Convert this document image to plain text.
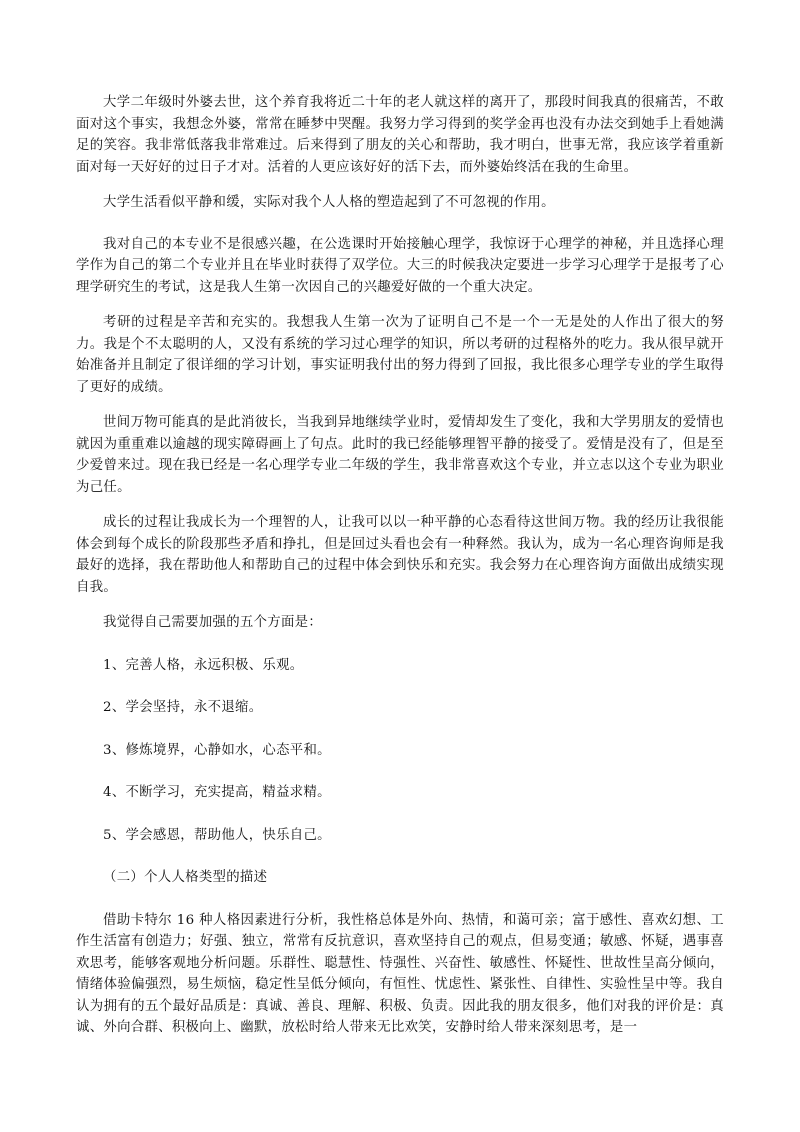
大学二年级时外婆去世，这个养育我将近二十年的老人就这样的离开了，那段时间我真的很痛苦，不敢面对这个事实，我想念外婆，常常在睡梦中哭醒。我努力学习得到的奖学金再也没有办法交到她手上看她满足的笑容。我非常低落我非常难过。后来得到了朋友的关心和帮助，我才明白，世事无常，我应该学着重新面对每一天好好的过日子才对。活着的人更应该好好的活下去，而外婆始终活在我的生命里。

大学生活看似平静和缓，实际对我个人人格的塑造起到了不可忽视的作用。

我对自己的本专业不是很感兴趣，在公选课时开始接触心理学，我惊讶于心理学的神秘，并且选择心理学作为自己的第二个专业并且在毕业时获得了双学位。大三的时候我决定要进一步学习心理学于是报考了心理学研究生的考试，这是我人生第一次因自己的兴趣爱好做的一个重大决定。

考研的过程是辛苦和充实的。我想我人生第一次为了证明自己不是一个一无是处的人作出了很大的努力。我是个不太聪明的人，又没有系统的学习过心理学的知识，所以考研的过程格外的吃力。我从很早就开始准备并且制定了很详细的学习计划，事实证明我付出的努力得到了回报，我比很多心理学专业的学生取得了更好的成绩。

世间万物可能真的是此消彼长，当我到异地继续学业时，爱情却发生了变化，我和大学男朋友的爱情也就因为重重难以逾越的现实障碍画上了句点。此时的我已经能够理智平静的接受了。爱情是没有了，但是至少爱曾来过。现在我已经是一名心理学专业二年级的学生，我非常喜欢这个专业，并立志以这个专业为职业为己任。

成长的过程让我成长为一个理智的人，让我可以以一种平静的心态看待这世间万物。我的经历让我很能体会到每个成长的阶段那些矛盾和挣扎，但是回过头看也会有一种释然。我认为，成为一名心理咨询师是我最好的选择，我在帮助他人和帮助自己的过程中体会到快乐和充实。我会努力在心理咨询方面做出成绩实现自我。

我觉得自己需要加强的五个方面是：

1、完善人格，永远积极、乐观。

2、学会坚持，永不退缩。

3、修炼境界，心静如水，心态平和。

4、不断学习，充实提高，精益求精。

5、学会感恩，帮助他人，快乐自己。

（二）个人人格类型的描述

借助卡特尔 16 种人格因素进行分析，我性格总体是外向、热情，和蔼可亲；富于感性、喜欢幻想、工作生活富有创造力；好强、独立，常常有反抗意识，喜欢坚持自己的观点，但易变通；敏感、怀疑，遇事喜欢思考，能够客观地分析问题。乐群性、聪慧性、恃强性、兴奋性、敏感性、怀疑性、世故性呈高分倾向，情绪体验偏强烈，易生烦恼，稳定性呈低分倾向，有恒性、忧虑性、紧张性、自律性、实验性呈中等。我自认为拥有的五个最好品质是：真诚、善良、理解、积极、负责。因此我的朋友很多，他们对我的评价是：真诚、外向合群、积极向上、幽默，放松时给人带来无比欢笑，安静时给人带来深刻思考，是一
